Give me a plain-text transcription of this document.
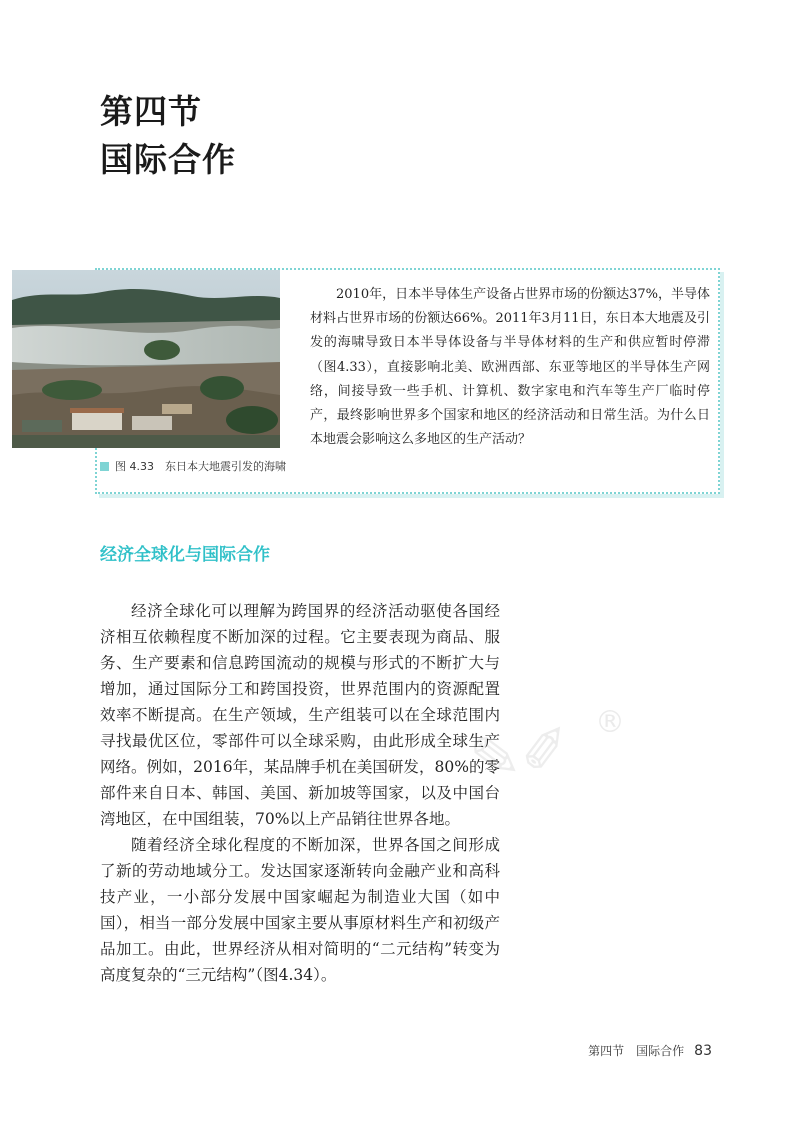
第四节
国际合作
图 4.33　东日本大地震引发的海啸
2010年，日本半导体生产设备占世界市场的份额达37%，半导体材料占世界市场的份额达66%。2011年3月11日，东日本大地震及引发的海啸导致日本半导体设备与半导体材料的生产和供应暂时停滞（图4.33），直接影响北美、欧洲西部、东亚等地区的半导体生产网络，间接导致一些手机、计算机、数字家电和汽车等生产厂临时停产，最终影响世界多个国家和地区的经济活动和日常生活。为什么日本地震会影响这么多地区的生产活动？
经济全球化与国际合作

经济全球化可以理解为跨国界的经济活动驱使各国经济相互依赖程度不断加深的过程。它主要表现为商品、服务、生产要素和信息跨国流动的规模与形式的不断扩大与增加，通过国际分工和跨国投资，世界范围内的资源配置效率不断提高。在生产领域，生产组装可以在全球范围内寻找最优区位，零部件可以全球采购，由此形成全球生产网络。例如，2016年，某品牌手机在美国研发，80%的零部件来自日本、韩国、美国、新加坡等国家，以及中国台湾地区，在中国组装，70%以上产品销往世界各地。

随着经济全球化程度的不断加深，世界各国之间形成了新的劳动地域分工。发达国家逐渐转向金融产业和高科技产业，一小部分发展中国家崛起为制造业大国（如中国），相当一部分发展中国家主要从事原材料生产和初级产品加工。由此，世界经济从相对简明的“二元结构”转变为高度复杂的“三元结构”（图4.34）。

✎✐ ®
第四节　国际合作 83
